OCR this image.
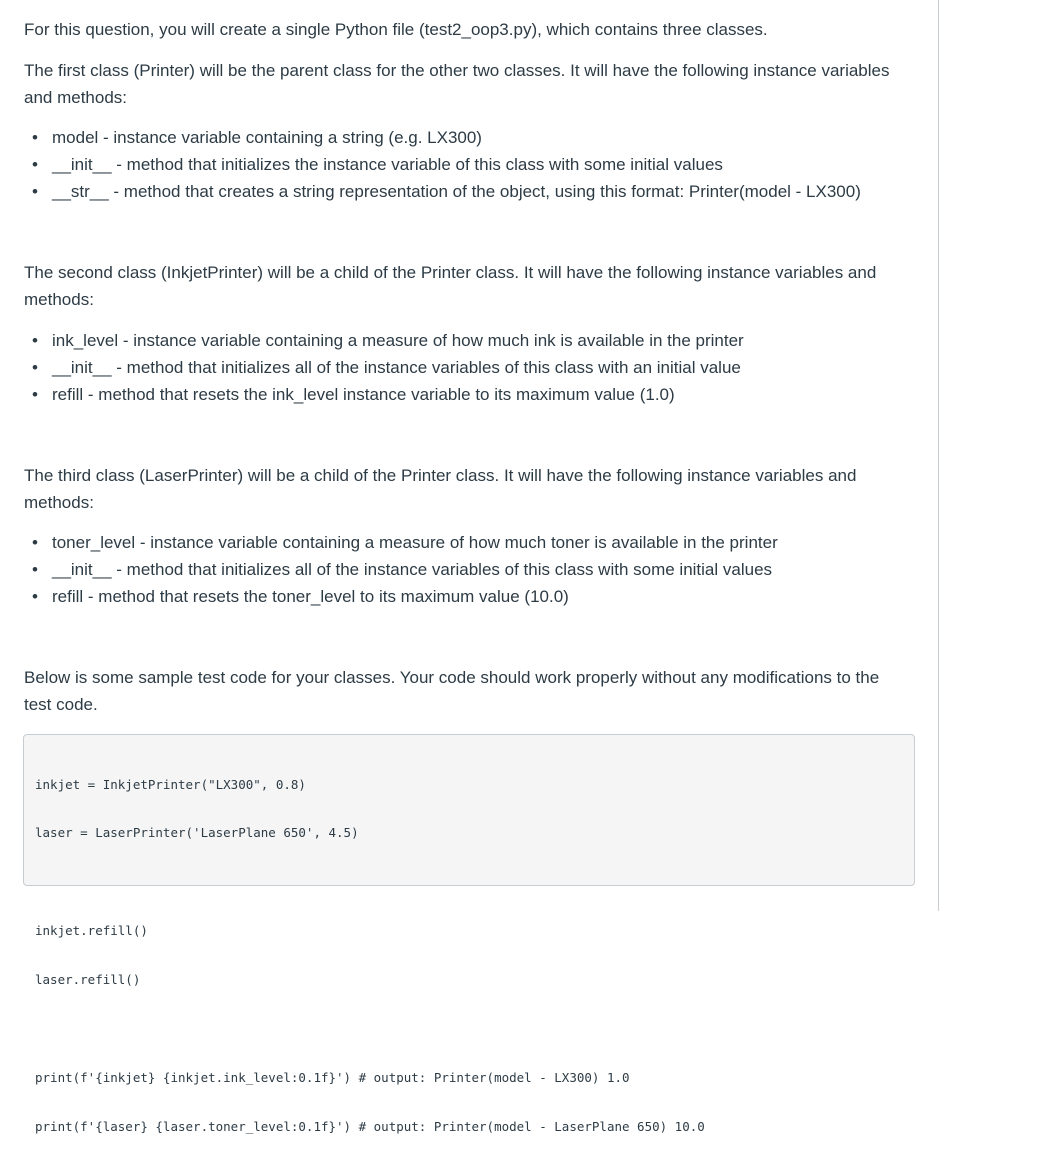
For this question, you will create a single Python file (test2_oop3.py), which contains three classes.

The first class (Printer) will be the parent class for the other two classes. It will have the following instance variables and methods:

• model - instance variable containing a string (e.g. LX300)
• __init__ - method that initializes the instance variable of this class with some initial values
• __str__ - method that creates a string representation of the object, using this format: Printer(model - LX300)

The second class (InkjetPrinter) will be a child of the Printer class. It will have the following instance variables and methods:

• ink_level - instance variable containing a measure of how much ink is available in the printer
• __init__ - method that initializes all of the instance variables of this class with an initial value
• refill - method that resets the ink_level instance variable to its maximum value (1.0)

The third class (LaserPrinter) will be a child of the Printer class. It will have the following instance variables and methods:

• toner_level - instance variable containing a measure of how much toner is available in the printer
• __init__ - method that initializes all of the instance variables of this class with some initial values
• refill - method that resets the toner_level to its maximum value (10.0)

Below is some sample test code for your classes. Your code should work properly without any modifications to the test code.

inkjet = InkjetPrinter("LX300", 0.8)

laser = LaserPrinter('LaserPlane 650', 4.5)

inkjet.refill()

laser.refill()

print(f'{inkjet} {inkjet.ink_level:0.1f}') # output: Printer(model - LX300) 1.0

print(f'{laser} {laser.toner_level:0.1f}') # output: Printer(model - LaserPlane 650) 10.0
